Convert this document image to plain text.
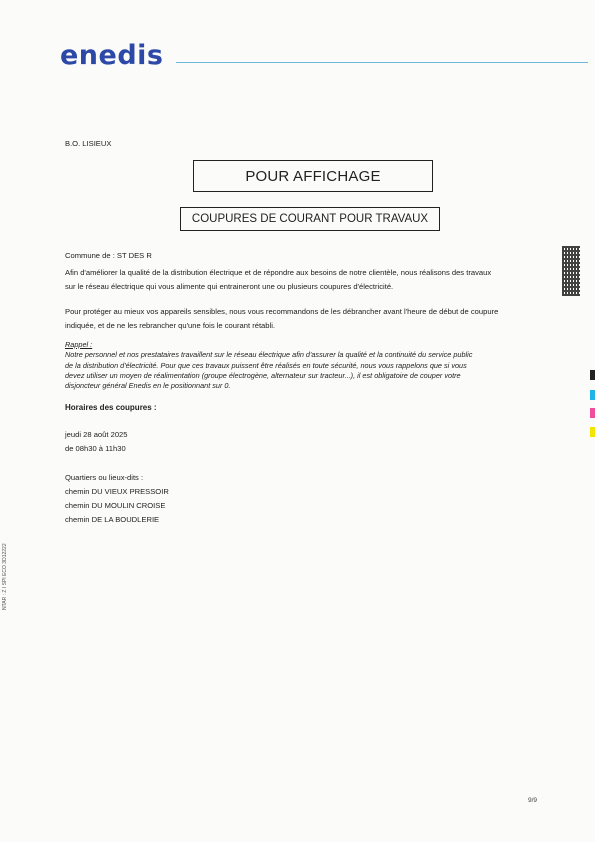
enedis
B.O. LISIEUX
POUR AFFICHAGE
COUPURES DE COURANT POUR TRAVAUX
Commune de : ST DES R
Afin d'améliorer la qualité de la distribution électrique et de répondre aux besoins de notre clientèle, nous réalisons des travaux
sur le réseau électrique qui vous alimente qui entraineront une ou plusieurs coupures d'électricité.
Pour protéger au mieux vos appareils sensibles, nous vous recommandons de les débrancher avant l'heure de début de coupure
indiquée, et de ne les rebrancher qu'une fois le courant rétabli.
Rappel :
Notre personnel et nos prestataires travaillent sur le réseau électrique afin d'assurer la qualité et la continuité du service public
de la distribution d'électricité. Pour que ces travaux puissent être réalisés en toute sécurité, nous vous rappelons que si vous
devez utiliser un moyen de réalimentation (groupe électrogène, alternateur sur tracteur...), il est obligatoire de couper votre
disjoncteur général Enedis en le positionnant sur 0.
Horaires des coupures :
jeudi 28 août 2025
de 08h30 à 11h30
Quartiers ou lieux-dits :
chemin DU VIEUX PRESSOIR
chemin DU MOULIN CROISE
chemin DE LA BOUDLERIE
NTAR : Z I SPI ECO 3D12222
9/9
